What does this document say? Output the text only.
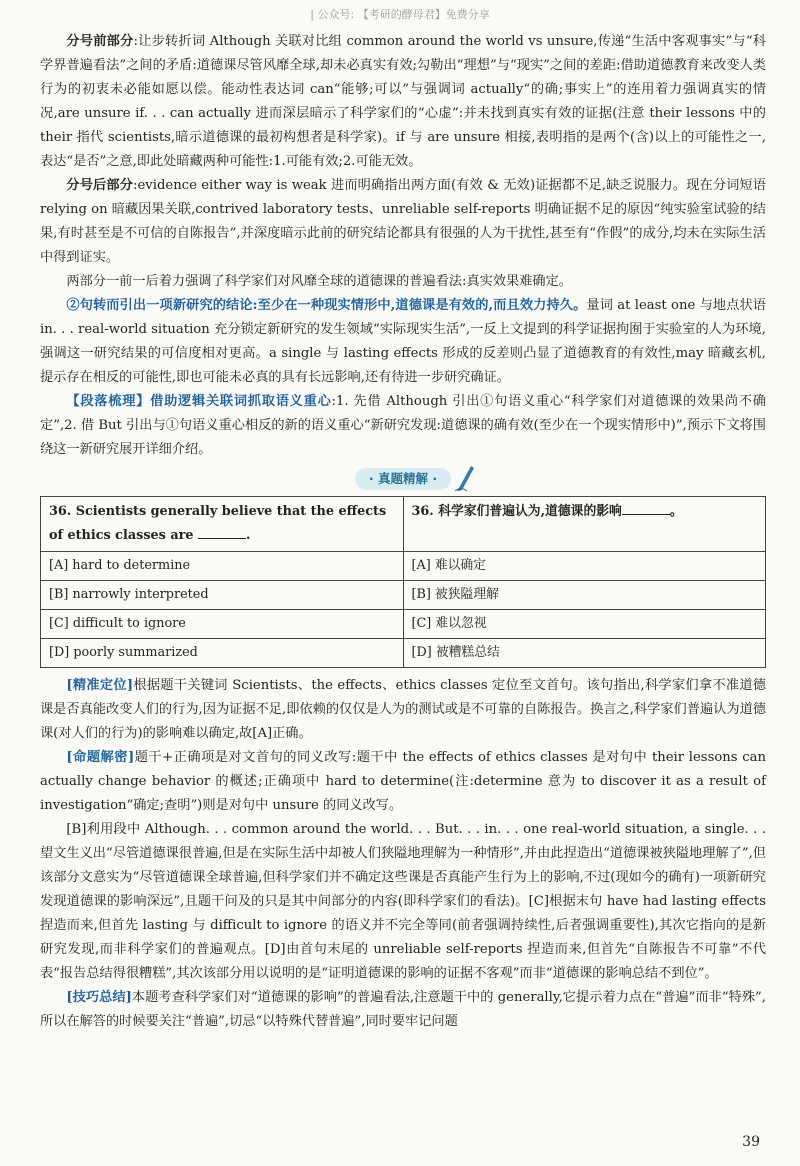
| 公众号: 【考研的酵母君】免费分享

分号前部分:让步转折词 Although 关联对比组 common around the world vs unsure,传递“生活中客观事实”与“科学界普遍看法”之间的矛盾:道德课尽管风靡全球,却未必真实有效;勾勒出“理想”与“现实”之间的差距:借助道德教育来改变人类行为的初衷未必能如愿以偿。能动性表达词 can“能够;可以”与强调词 actually“的确;事实上”的连用着力强调真实的情况,are unsure if. . . can actually 进而深层暗示了科学家们的“心虚”:并未找到真实有效的证据(注意 their lessons 中的 their 指代 scientists,暗示道德课的最初构想者是科学家)。if 与 are unsure 相接,表明指的是两个(含)以上的可能性之一,表达“是否”之意,即此处暗藏两种可能性:1.可能有效;2.可能无效。

分号后部分:evidence either way is weak 进而明确指出两方面(有效 & 无效)证据都不足,缺乏说服力。现在分词短语 relying on 暗藏因果关联,contrived laboratory tests、unreliable self-reports 明确证据不足的原因“纯实验室试验的结果,有时甚至是不可信的自陈报告”,并深度暗示此前的研究结论都具有很强的人为干扰性,甚至有“作假”的成分,均未在实际生活中得到证实。

两部分一前一后着力强调了科学家们对风靡全球的道德课的普遍看法:真实效果难确定。

②句转而引出一项新研究的结论:至少在一种现实情形中,道德课是有效的,而且效力持久。量词 at least one 与地点状语 in. . . real-world situation 充分锁定新研究的发生领域“实际现实生活”,一反上文提到的科学证据拘囿于实验室的人为环境,强调这一研究结果的可信度相对更高。a single 与 lasting effects 形成的反差则凸显了道德教育的有效性,may 暗藏玄机,提示存在相反的可能性,即也可能未必真的具有长远影响,还有待进一步研究确证。

【段落梳理】借助逻辑关联词抓取语义重心:1. 先借 Although 引出①句语义重心“科学家们对道德课的效果尚不确定”,2. 借 But 引出与①句语义重心相反的新的语义重心“新研究发现:道德课的确有效(至少在一个现实情形中)”,预示下文将围绕这一新研究展开详细介绍。

· 真题精解 ·
36. Scientists generally believe that the effects of ethics classes are .	36. 科学家们普遍认为,道德课的影响 。
[A] hard to determine	[A] 难以确定
[B] narrowly interpreted	[B] 被狭隘理解
[C] difficult to ignore	[C] 难以忽视
[D] poorly summarized	[D] 被糟糕总结

[精准定位]根据题干关键词 Scientists、the effects、ethics classes 定位至文首句。该句指出,科学家们拿不准道德课是否真能改变人们的行为,因为证据不足,即依赖的仅仅是人为的测试或是不可靠的自陈报告。换言之,科学家们普遍认为道德课(对人们的行为)的影响难以确定,故[A]正确。

[命题解密]题干+正确项是对文首句的同义改写:题干中 the effects of ethics classes 是对句中 their lessons can actually change behavior 的概述;正确项中 hard to determine(注:determine 意为 to discover it as a result of investigation“确定;查明”)则是对句中 unsure 的同义改写。

[B]利用段中 Although. . . common around the world. . . But. . . in. . . one real-world situation, a single. . . 望文生义出“尽管道德课很普遍,但是在实际生活中却被人们狭隘地理解为一种情形”,并由此捏造出“道德课被狭隘地理解了”,但该部分文意实为“尽管道德课全球普遍,但科学家们并不确定这些课是否真能产生行为上的影响,不过(现如今的确有)一项新研究发现道德课的影响深远”,且题干问及的只是其中间部分的内容(即科学家们的看法)。[C]根据末句 have had lasting effects 捏造而来,但首先 lasting 与 difficult to ignore 的语义并不完全等同(前者强调持续性,后者强调重要性),其次它指向的是新研究发现,而非科学家们的普遍观点。[D]由首句末尾的 unreliable self-reports 捏造而来,但首先“自陈报告不可靠”不代表“报告总结得很糟糕”,其次该部分用以说明的是“证明道德课的影响的证据不客观”而非“道德课的影响总结不到位”。

[技巧总结]本题考查科学家们对“道德课的影响”的普遍看法,注意题干中的 generally,它提示着力点在“普遍”而非“特殊”,所以在解答的时候要关注“普遍”,切忌“以特殊代替普遍”,同时要牢记问题

39
